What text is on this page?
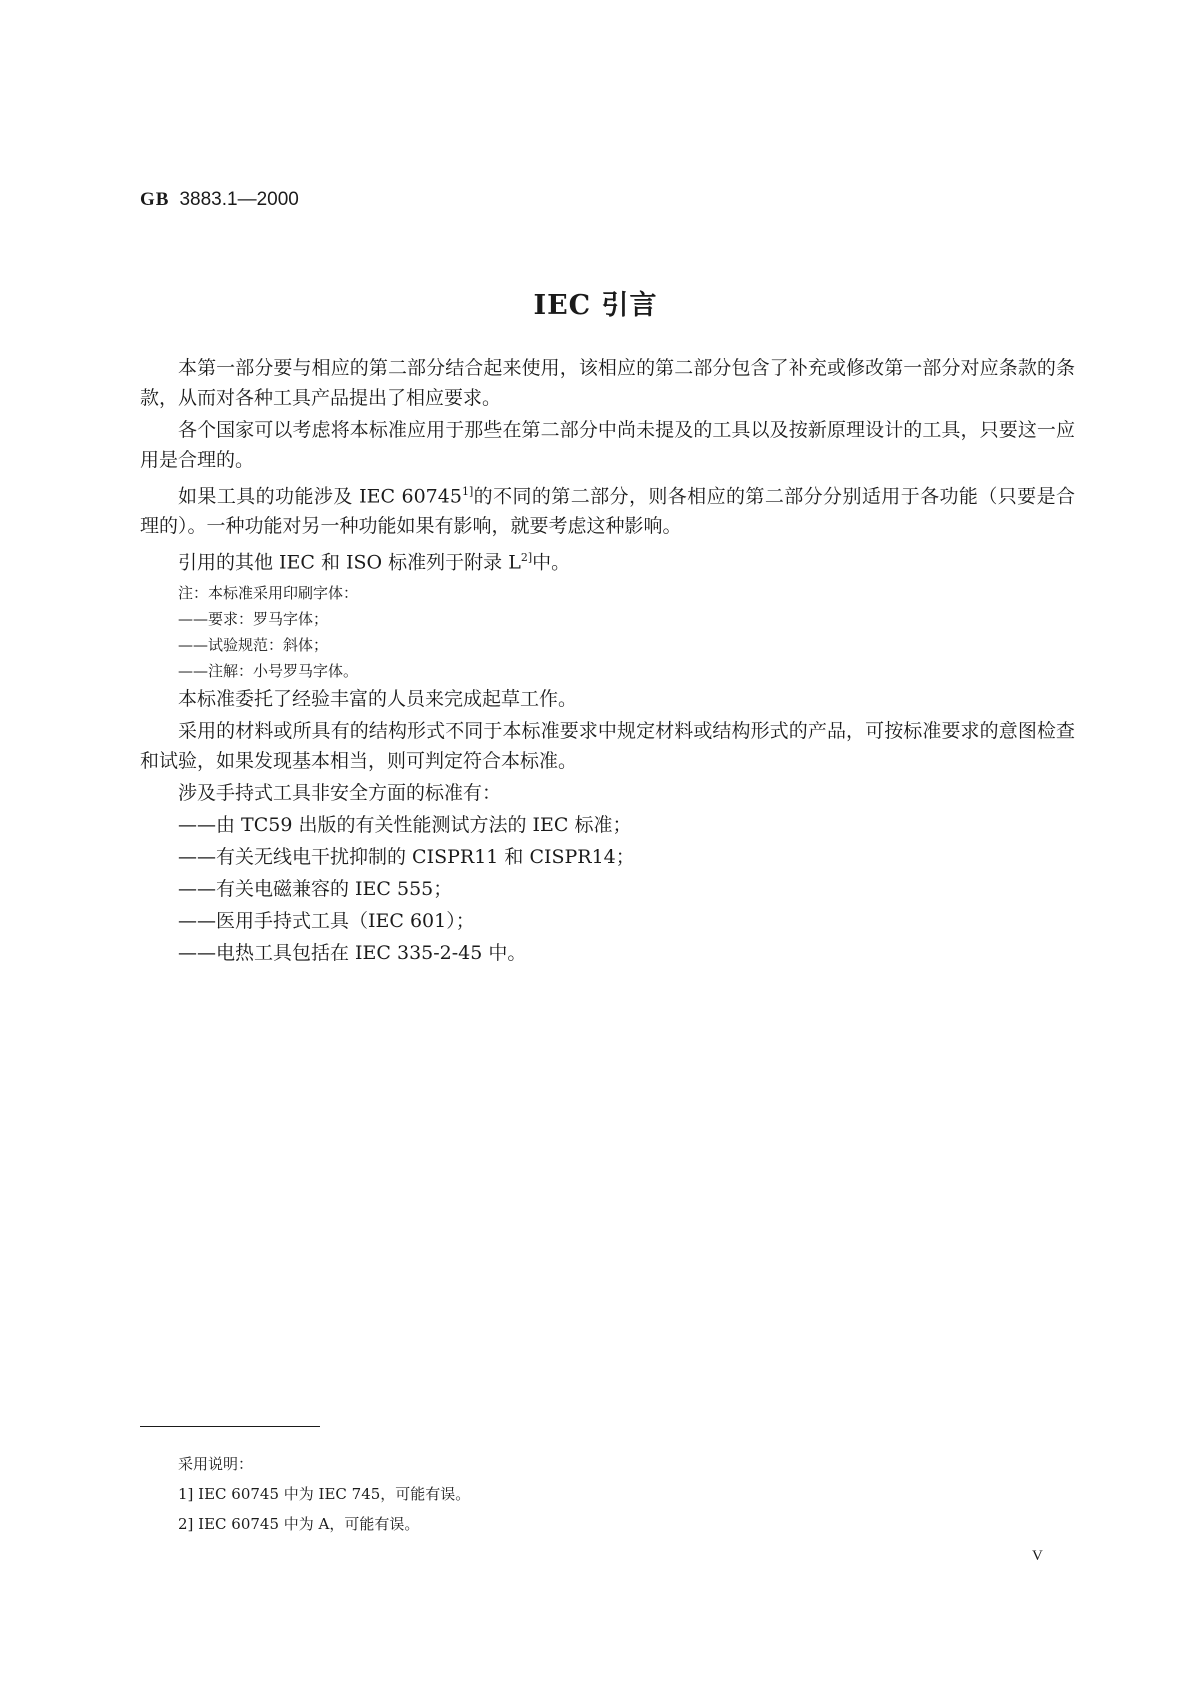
GB 3883.1—2000
IEC 引言

本第一部分要与相应的第二部分结合起来使用，该相应的第二部分包含了补充或修改第一部分对应条款的条款，从而对各种工具产品提出了相应要求。

各个国家可以考虑将本标准应用于那些在第二部分中尚未提及的工具以及按新原理设计的工具，只要这一应用是合理的。

如果工具的功能涉及 IEC $60745^{1]}$的不同的第二部分，则各相应的第二部分分别适用于各功能（只要是合理的）。一种功能对另一种功能如果有影响，就要考虑这种影响。

引用的其他 IEC 和 ISO 标准列于附录 $L^{2]}$中。

注：本标准采用印刷字体：
——要求：罗马字体；
——试验规范：斜体；
——注解：小号罗马字体。

本标准委托了经验丰富的人员来完成起草工作。

采用的材料或所具有的结构形式不同于本标准要求中规定材料或结构形式的产品，可按标准要求的意图检查和试验，如果发现基本相当，则可判定符合本标准。

涉及手持式工具非安全方面的标准有：

——由 TC59 出版的有关性能测试方法的 IEC 标准；
——有关无线电干扰抑制的 CISPR11 和 CISPR14；
——有关电磁兼容的 IEC 555；
——医用手持式工具（IEC 601）；
——电热工具包括在 IEC 335-2-45 中。
采用说明：
1] IEC 60745 中为 IEC 745，可能有误。
2] IEC 60745 中为 A，可能有误。
V
